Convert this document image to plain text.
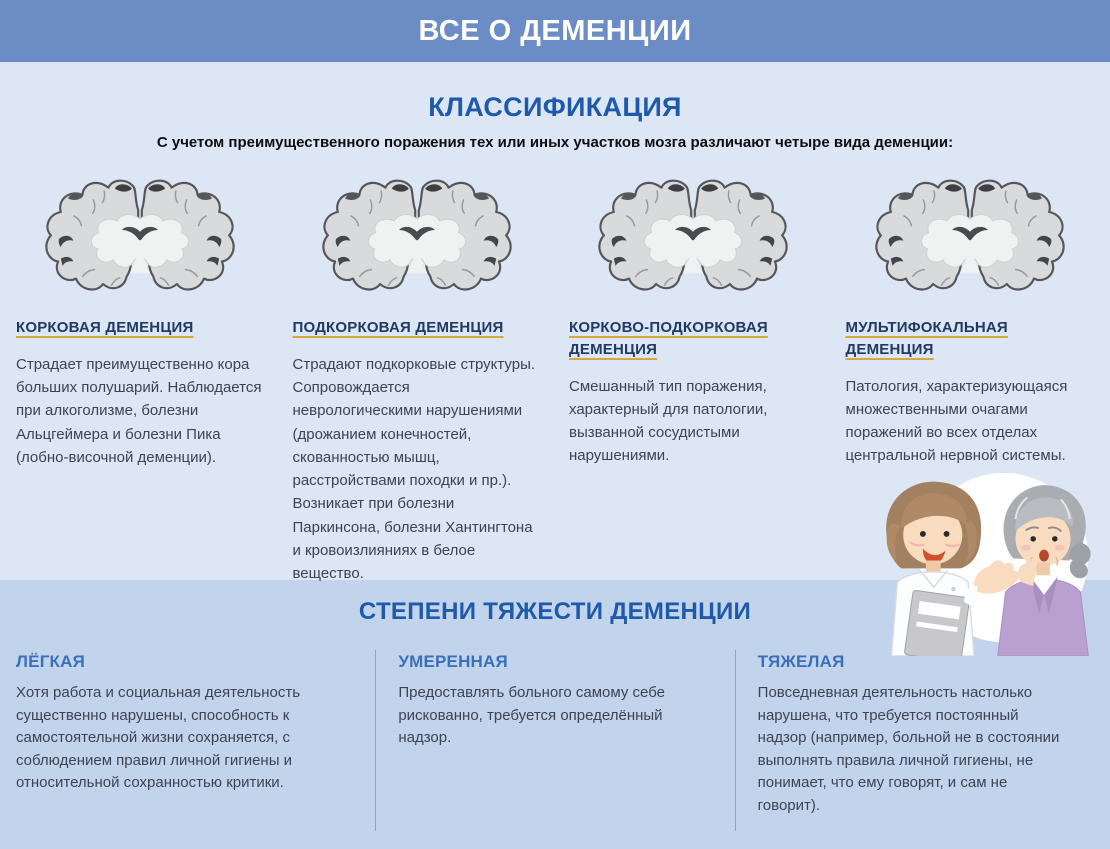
ВСЕ О ДЕМЕНЦИИ
КЛАССИФИКАЦИЯ

С учетом преимущественного поражения тех или иных участков мозга различают четыре вида деменции:

КОРКОВАЯ ДЕМЕНЦИЯ

Страдает преимущественно кора больших полушарий. Наблюдается при алкоголизме, болезни Альцгеймера и болезни Пика (лобно-височной деменции).

ПОДКОРКОВАЯ ДЕМЕНЦИЯ

Страдают подкорковые структуры. Сопровождается неврологическими нарушениями (дрожанием конечностей, скованностью мышц, расстройствами походки и пр.). Возникает при болезни Паркинсона, болезни Хантингтона и кровоизлияниях в белое вещество.

КОРКОВО-ПОДКОРКОВАЯ ДЕМЕНЦИЯ

Смешанный тип поражения, характерный для патологии, вызванной сосудистыми нарушениями.

МУЛЬТИФОКАЛЬНАЯ ДЕМЕНЦИЯ

Патология, характеризующаяся множественными очагами поражений во всех отделах центральной нервной системы.

СТЕПЕНИ ТЯЖЕСТИ ДЕМЕНЦИИ
ЛЁГКАЯ

Хотя работа и социальная деятельность существенно нарушены, способность к самостоятельной жизни сохраняется, с соблюдением правил личной гигиены и относительной сохранностью критики.

УМЕРЕННАЯ

Предоставлять больного самому себе рискованно, требуется определённый надзор.

ТЯЖЕЛАЯ

Повседневная деятельность настолько нарушена, что требуется постоянный надзор (например, больной не в состоянии выполнять правила личной гигиены, не понимает, что ему говорят, и сам не говорит).
